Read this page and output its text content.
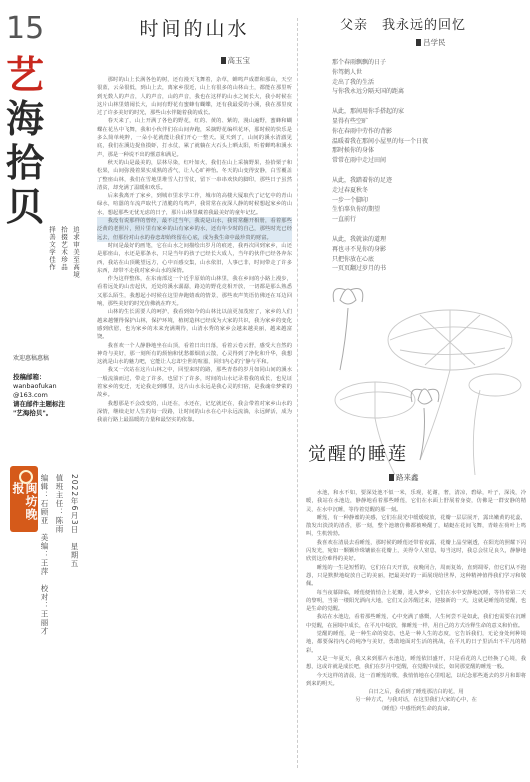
15
艺
海
拾
贝
追求审美至高境
拾掇艺术珍品
择善文学佳作
欢迎惠稿惠稿
投稿邮箱：
wanbaofukan
@163.com
请在邮件主题标注
"艺海拾贝"。
闽坊晚报	2022年6月3日　星期五
值班主任：陈雨
编辑：石顾亚　美编：王萍　校对：王丽才
时间的山水
高玉宝

那时的山上长满各色的树，还有漫天飞舞着，杂草，蝉鸣声成群和那山，天空很蓝，云朵很低，到山上去，离家乡很近，山上有很多的山林山土，都能在那里听到无数人的声音，人的声音，山的声音，我也在这样的山水之间长大，我小时候在这片山林里嬉闹长大，山间有野花有蜜蜂有蝴蝶，还有我最爱的小溪，我在那里度过了许多美好的时光，那些山水伴随着我的成长。

春天来了，山上开满了各色的野花，红的、黄的、紫的，漫山遍野，蜜蜂和蝴蝶在花丛中飞舞，我和小伙伴们在山间奔跑，采摘野花编织花环，那时候的快乐是多么简单纯粹，一朵小花就能让我们开心一整天。夏天到了，山间的溪水清澈见底，我们在溪边捉鱼摸虾，打水仗，累了就躺在大石头上晒太阳，听着蝉鸣和溪水声，那是一种说不出的惬意和满足。

秋天的山是最美的，层林尽染，红叶如火，我们在山上采摘野果，捡拾栗子和松果，山间弥漫着果实成熟的香气，让人心旷神怡。冬天的山变得安静，白雪覆盖了整座山林，我们在雪地里堆雪人打雪仗，留下一串串欢快的脚印，那些日子虽然清贫，却充满了温暖和欢乐。

后来我离开了家乡，到城市里求学工作，城市的高楼大厦取代了记忆中的青山绿水，喧嚣的车流声取代了清脆的鸟鸣声，我常常在夜深人静的时候想起家乡的山水，想起那些无忧无虑的日子，那片山林里藏着我最美好的童年记忆。

我没有说那样的曾经，最不过当年，我说是山水，我常常翻开相册，看着那些泛黄的老照片，照片里有家乡的山有家乡的水，还有年少时的自己，那些时光已经远去，但那份对山水的眷恋却始终留在心底，成为我生命中最珍贵的财富。

时间是最好的画笔，它在山水之间描绘出岁月的痕迹，我再次回到家乡，山还是那座山，水还是那条水，只是当年的孩子已经长大成人，当年的伙伴已经各奔东西，我站在山顶眺望远方，心中百感交集，山水依旧，人事已非，时间带走了许多东西，却带不走我对家乡山水的深情。

作为这样整体，在东南部这一个近乎原始的山林里，我在乡间的小路上漫步，看着远处的山峦起伏，近处的溪水潺潺，路边的野花竞相开放，一切都是那么熟悉又那么陌生，我想起小时候在这里奔跑嬉戏的情景，那些欢声笑语仿佛还在耳边回响，那些美好的时光仿佛就在昨天。

山林的生长需要人的呵护，我看到如今的山林比以前更加茂密了，家乡的人们越来越懂得保护山林，保护环境，植树造林已经成为大家的共识，我为家乡的变化感到欣慰，也为家乡的未来充满期待，山清水秀的家乡会越来越美丽，越来越富饶。

我喜欢一个人静静地坐在山顶，看着日出日落，看着云卷云舒，感受大自然的神奇与美好，那一刻所有的烦恼和忧愁都烟消云散，心灵得到了净化和升华，我想这就是山水的魅力吧，它能让人忘却尘世的喧嚣，回归内心的宁静与平和。

我又一次站在这片山林之中，回望来时的路，那些青春的岁月如同山间的溪水一般流淌而过，带走了许多，也留下了许多，时间的山水记录着我的成长，也见证着家乡的变迁，无论我走到哪里，这片山水永远是我心灵的归宿，是我魂牵梦萦的故乡。

我想那是不会改变的，山还在，水还在，记忆就还在，我会带着对家乡山水的深情，继续走好人生的每一段路，让时间的山水在心中永远流淌，永远鲜活，成为我前行路上最温暖的力量和最坚实的依靠。

父亲　我永远的回忆
吕学民
那个春雨飘飘的日子
你驾鹤人世
走出了我的生活
与你我永远分隔天国的距离
从此，那间用你手搭起的家
显得有些空旷
你在春雨中劳作的背影
温暖着我在那间小屋里的每一个日夜
那时候你的身体
常常在雨中走过田间
从此，我踏着你的足迹
走过春夏秋冬
一步一个脚印
生怕辜负你的期望
一直前行
从此，我就读的道理
再也寻不见你的身影
只把你放在心底
一页页翻过岁月的书
觉醒的睡莲
路来鑫

水池，和水不如，要深处池不似一米，乐观，花谢，奢，清凉，碧绿，叶子，深浅，冷暖，我站在水池边，静静地看着那些睡莲，它们在水面上舒展着身姿，仿佛是一群安静的精灵，在水中沉睡，等待着觉醒的那一刻。

睡莲，有一种静谧的美感，它们在晨光中缓缓绽放，花瓣一层层展开，露出嫩黄的花蕊，散发出淡淡的清香，那一刻，整个池塘仿佛都被唤醒了，蜻蜓在花间飞舞，青蛙在荷叶上鸣叫，生机勃勃。

我喜欢在清晨去看睡莲，那时候的睡莲还带着夜露，花瓣上晶莹剔透，在阳光的照耀下闪闪发光，宛如一颗颗珍珠镶嵌在花瓣上，美得令人窒息，每当这时，我总会驻足良久，静静地欣赏这份难得的美好。

睡莲的一生是短暂的，它们在白天开放，夜晚闭合，周而复始，直到凋零，但它们从不抱怨，只是默默地绽放自己的美丽，把最美好的一面展现给世界，这种精神值得我们学习和敬佩。

每当夜幕降临，睡莲便悄悄合上花瓣，进入梦乡，它们在水中安静地沉睡，等待着第二天的黎明，当第一缕阳光洒向大地，它们又会苏醒过来，迎接新的一天，这就是睡莲的觉醒，也是生命的觉醒。

我站在水池边，看着那些睡莲，心中充满了感慨，人生何尝不是如此，我们也需要在沉睡中觉醒，在困境中成长，在平凡中绽放，像睡莲一样，用自己的方式诠释生命的意义和价值。

觉醒的睡莲，是一种生命的姿态，也是一种人生的态度，它告诉我们，无论身处何种境地，都要保持内心的纯净与美好，勇敢地面对生活的挑战，在平凡的日子里活出不平凡的精彩。

又是一年夏天，我又来到那片水池边，睡莲依旧盛开，只是看花的人已经换了心境，我想，这或许就是成长吧，我们在岁月中觉醒，在觉醒中成长，如同那觉醒的睡莲一般。

今天这样的清晨，这一首睡莲的歌，我悄悄地在心里唱起，以纪念那些逝去的岁月和即将到来的明天。

白日之后，我看到了睡莲那洁白的花，用

另一种方式，与我对话，在这里我们大家的心中，在

《睡莲》中感悟到生命的真谛。
